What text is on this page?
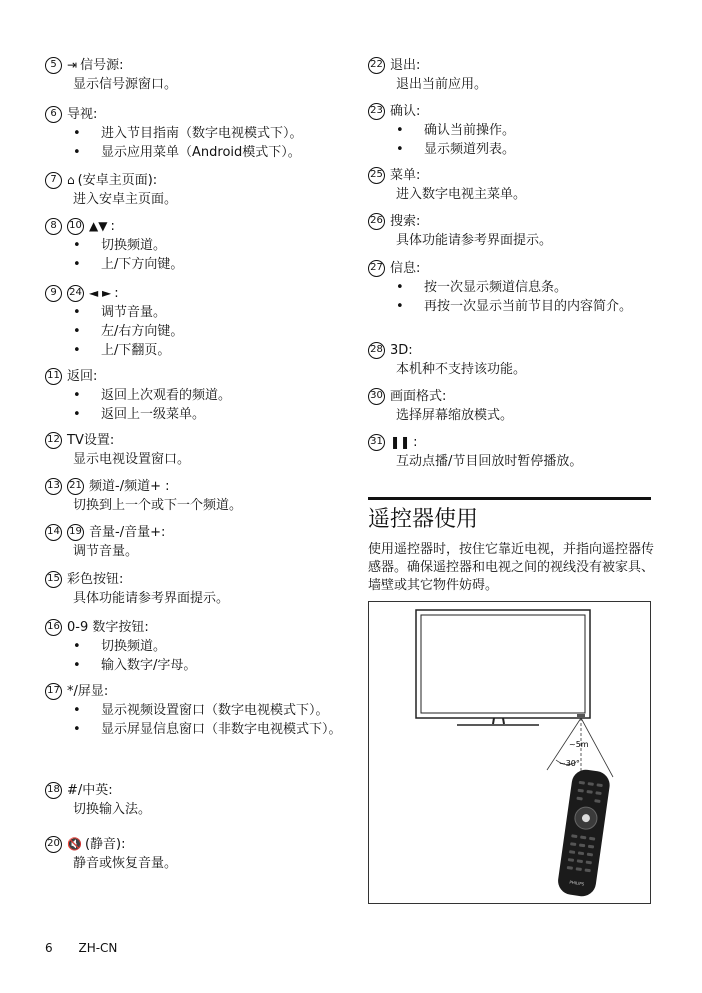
5 ⇥ 信号源:
显示信号源窗口。
6 导视:
• 进入节目指南（数字电视模式下）。
• 显示应用菜单（Android模式下）。
7 ⌂ (安卓主页面):
进入安卓主页面。
8	10 ▲▼ :
• 切换频道。
• 上/下方向键。
9	24 ◄ ► :
• 调节音量。
• 左/右方向键。
• 上/下翻页。
11 返回:
• 返回上次观看的频道。
• 返回上一级菜单。
12 TV设置:
显示电视设置窗口。
13 21 频道-/频道+ :
切换到上一个或下一个频道。
14 19 音量-/音量+:
调节音量。
15 彩色按钮:
具体功能请参考界面提示。
16 0-9 数字按钮:
• 切换频道。
• 输入数字/字母。
17 */屏显:
• 显示视频设置窗口（数字电视模式下）。
• 显示屏显信息窗口（非数字电视模式下）。
18 #/中英:
切换输入法。
20 🔇 (静音):
静音或恢复音量。
22 退出:
退出当前应用。
23 确认:
• 确认当前操作。
• 显示频道列表。
25 菜单:
进入数字电视主菜单。
26 搜索:
具体功能请参考界面提示。
27 信息:
• 按一次显示频道信息条。
• 再按一次显示当前节目的内容简介。
28 3D:
本机种不支持该功能。
30 画面格式:
选择屏幕缩放模式。
31 ❚❚ :
互动点播/节目回放时暂停播放。
遥控器使用
使用遥控器时，按住它靠近电视，并指向遥控器传感器。确保遥控器和电视之间的视线没有被家具、墙壁或其它物件妨碍。
~5m
~30°
PHILIPS
6 ZH-CN
